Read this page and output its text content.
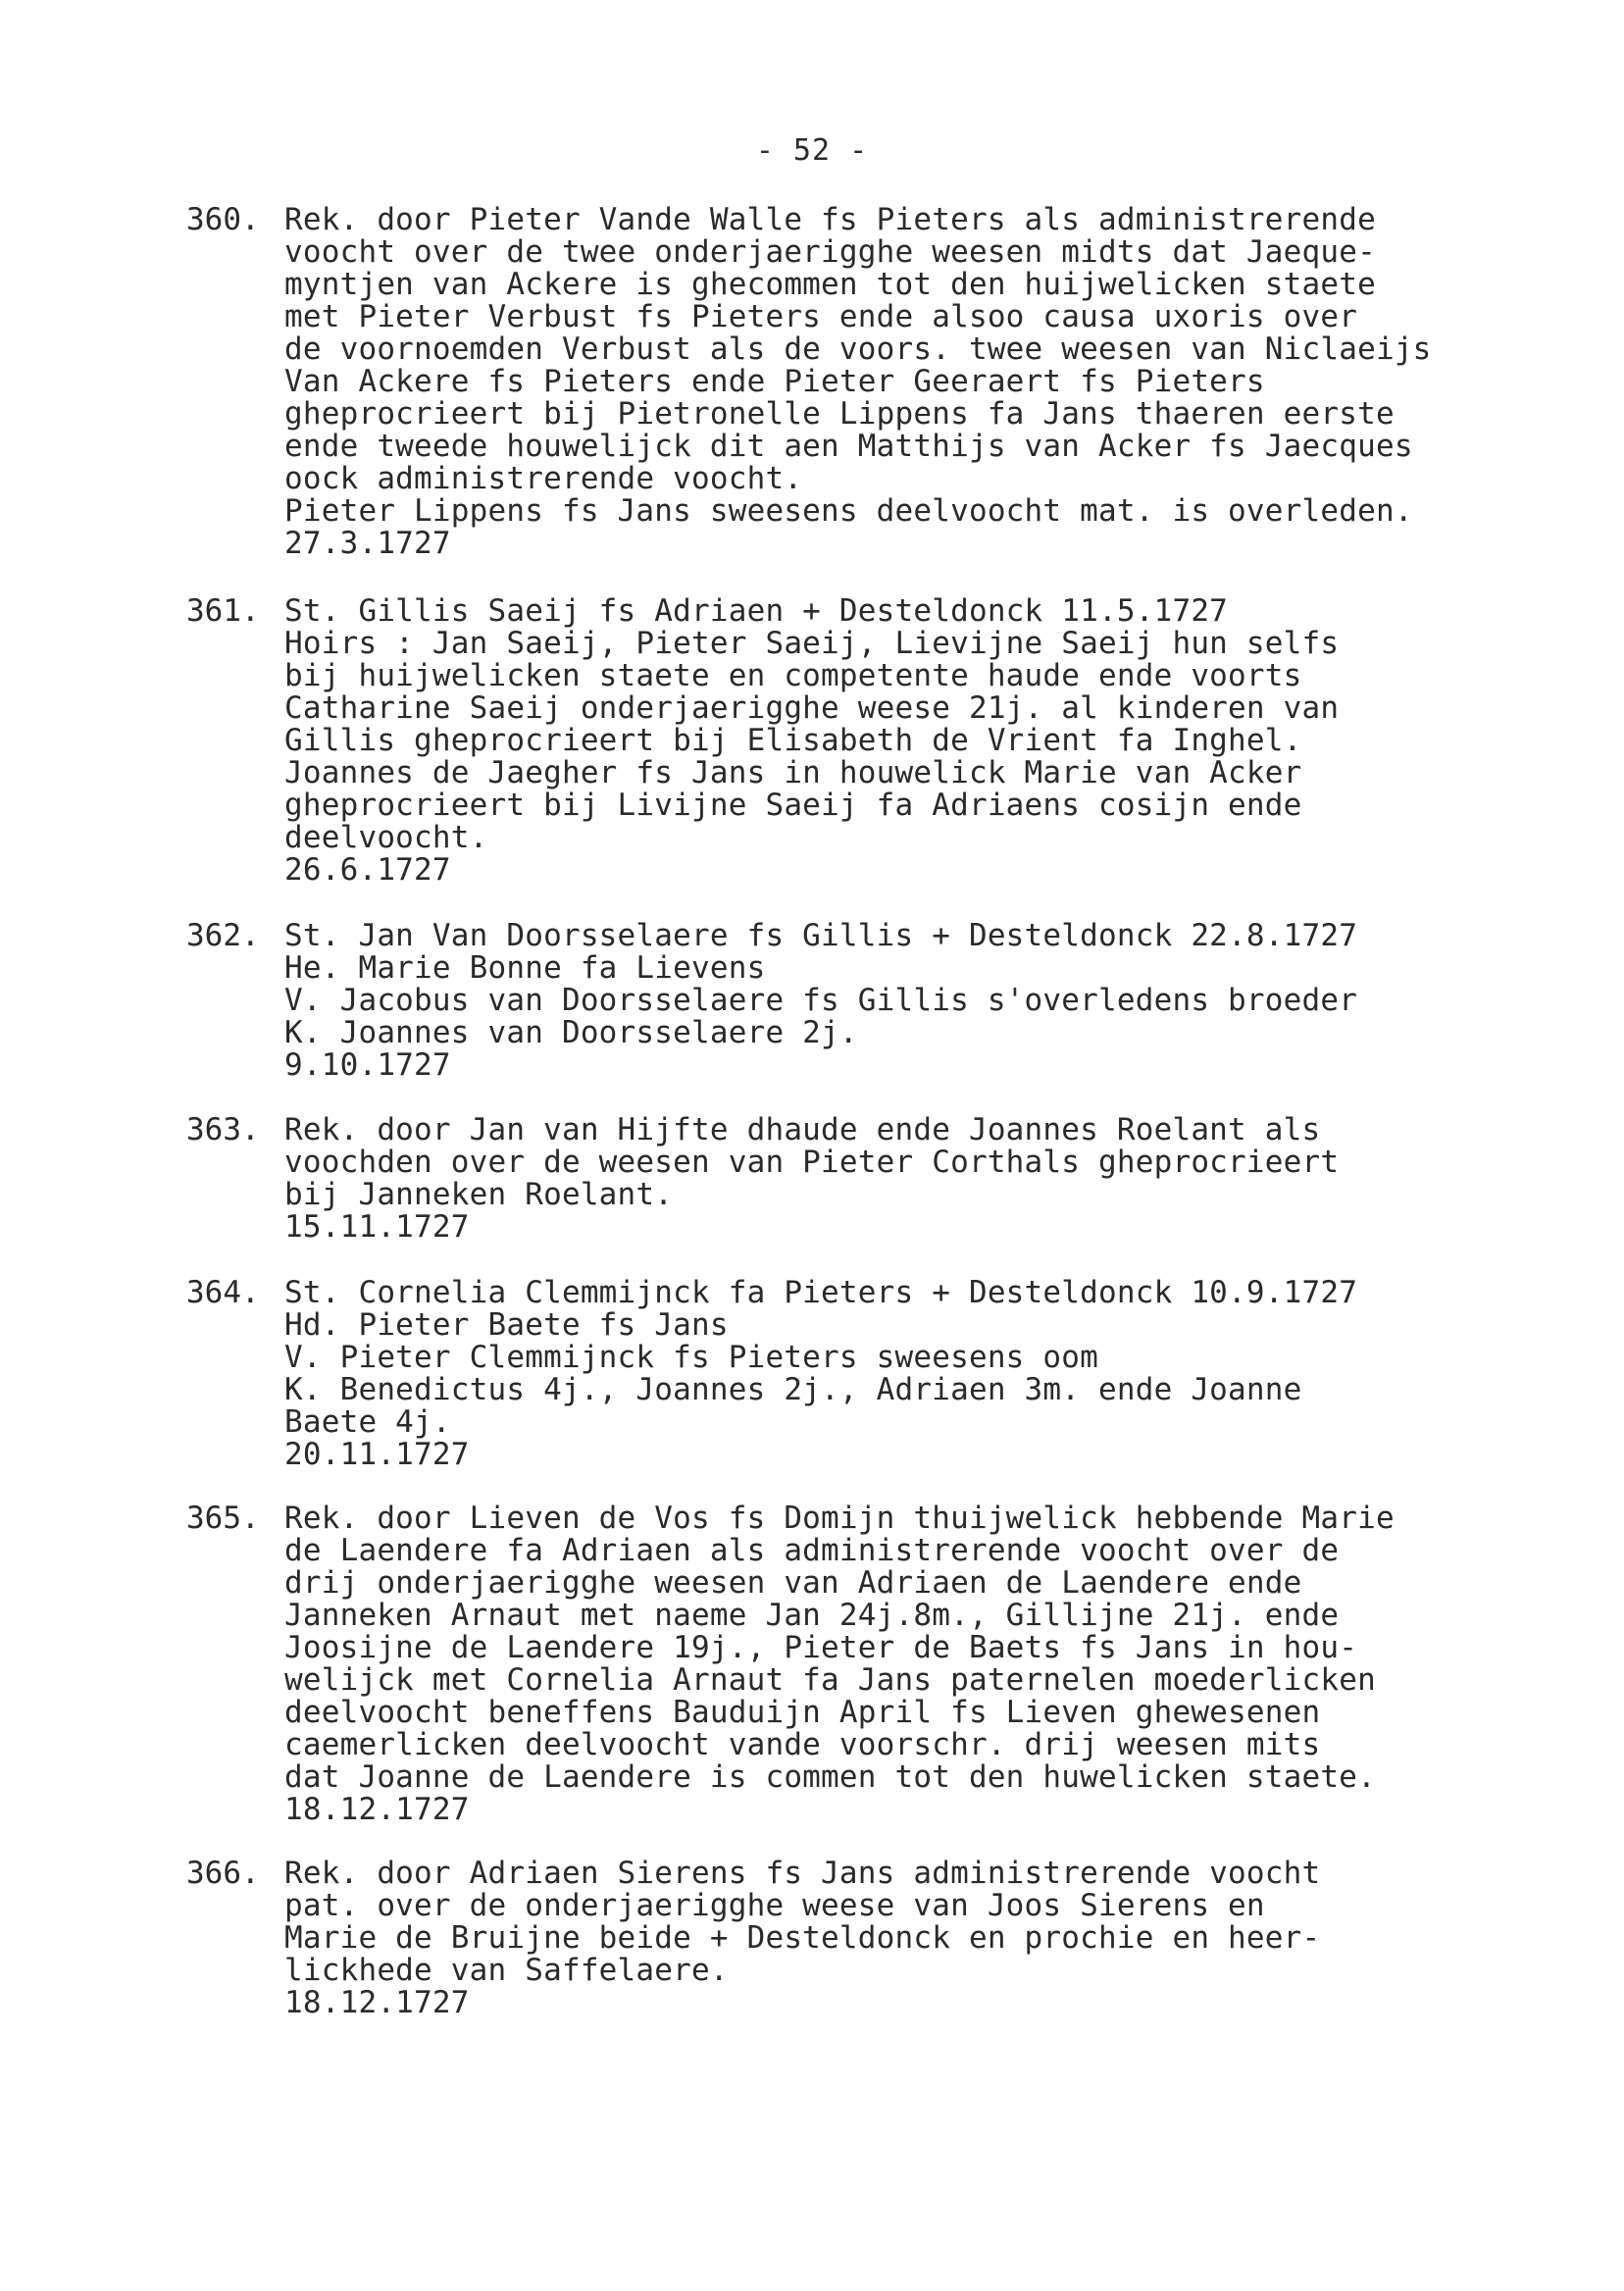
- 52 -
360. Rek. door Pieter Vande Walle fs Pieters als administrerende
voocht over de twee onderjaerigghe weesen midts dat Jaeque-
myntjen van Ackere is ghecommen tot den huijwelicken staete
met Pieter Verbust fs Pieters ende alsoo causa uxoris over
de voornoemden Verbust als de voors. twee weesen van Niclaeijs
Van Ackere fs Pieters ende Pieter Geeraert fs Pieters
gheprocrieert bij Pietronelle Lippens fa Jans thaeren eerste
ende tweede houwelijck dit aen Matthijs van Acker fs Jaecques
oock administrerende voocht.
Pieter Lippens fs Jans sweesens deelvoocht mat. is overleden.
27.3.1727
361. St. Gillis Saeij fs Adriaen + Desteldonck 11.5.1727
Hoirs : Jan Saeij, Pieter Saeij, Lievijne Saeij hun selfs
bij huijwelicken staete en competente haude ende voorts
Catharine Saeij onderjaerigghe weese 21j. al kinderen van
Gillis gheprocrieert bij Elisabeth de Vrient fa Inghel.
Joannes de Jaegher fs Jans in houwelick Marie van Acker
gheprocrieert bij Livijne Saeij fa Adriaens cosijn ende
deelvoocht.
26.6.1727
362. St. Jan Van Doorsselaere fs Gillis + Desteldonck 22.8.1727
He. Marie Bonne fa Lievens
V. Jacobus van Doorsselaere fs Gillis s'overledens broeder
K. Joannes van Doorsselaere 2j.
9.10.1727
363. Rek. door Jan van Hijfte dhaude ende Joannes Roelant als
voochden over de weesen van Pieter Corthals gheprocrieert
bij Janneken Roelant.
15.11.1727
364. St. Cornelia Clemmijnck fa Pieters + Desteldonck 10.9.1727
Hd. Pieter Baete fs Jans
V. Pieter Clemmijnck fs Pieters sweesens oom
K. Benedictus 4j., Joannes 2j., Adriaen 3m. ende Joanne
Baete 4j.
20.11.1727
365. Rek. door Lieven de Vos fs Domijn thuijwelick hebbende Marie
de Laendere fa Adriaen als administrerende voocht over de
drij onderjaerigghe weesen van Adriaen de Laendere ende
Janneken Arnaut met naeme Jan 24j.8m., Gillijne 21j. ende
Joosijne de Laendere 19j., Pieter de Baets fs Jans in hou-
welijck met Cornelia Arnaut fa Jans paternelen moederlicken
deelvoocht beneffens Bauduijn April fs Lieven ghewesenen
caemerlicken deelvoocht vande voorschr. drij weesen mits
dat Joanne de Laendere is commen tot den huwelicken staete.
18.12.1727
366. Rek. door Adriaen Sierens fs Jans administrerende voocht
pat. over de onderjaerigghe weese van Joos Sierens en
Marie de Bruijne beide + Desteldonck en prochie en heer-
lickhede van Saffelaere.
18.12.1727
